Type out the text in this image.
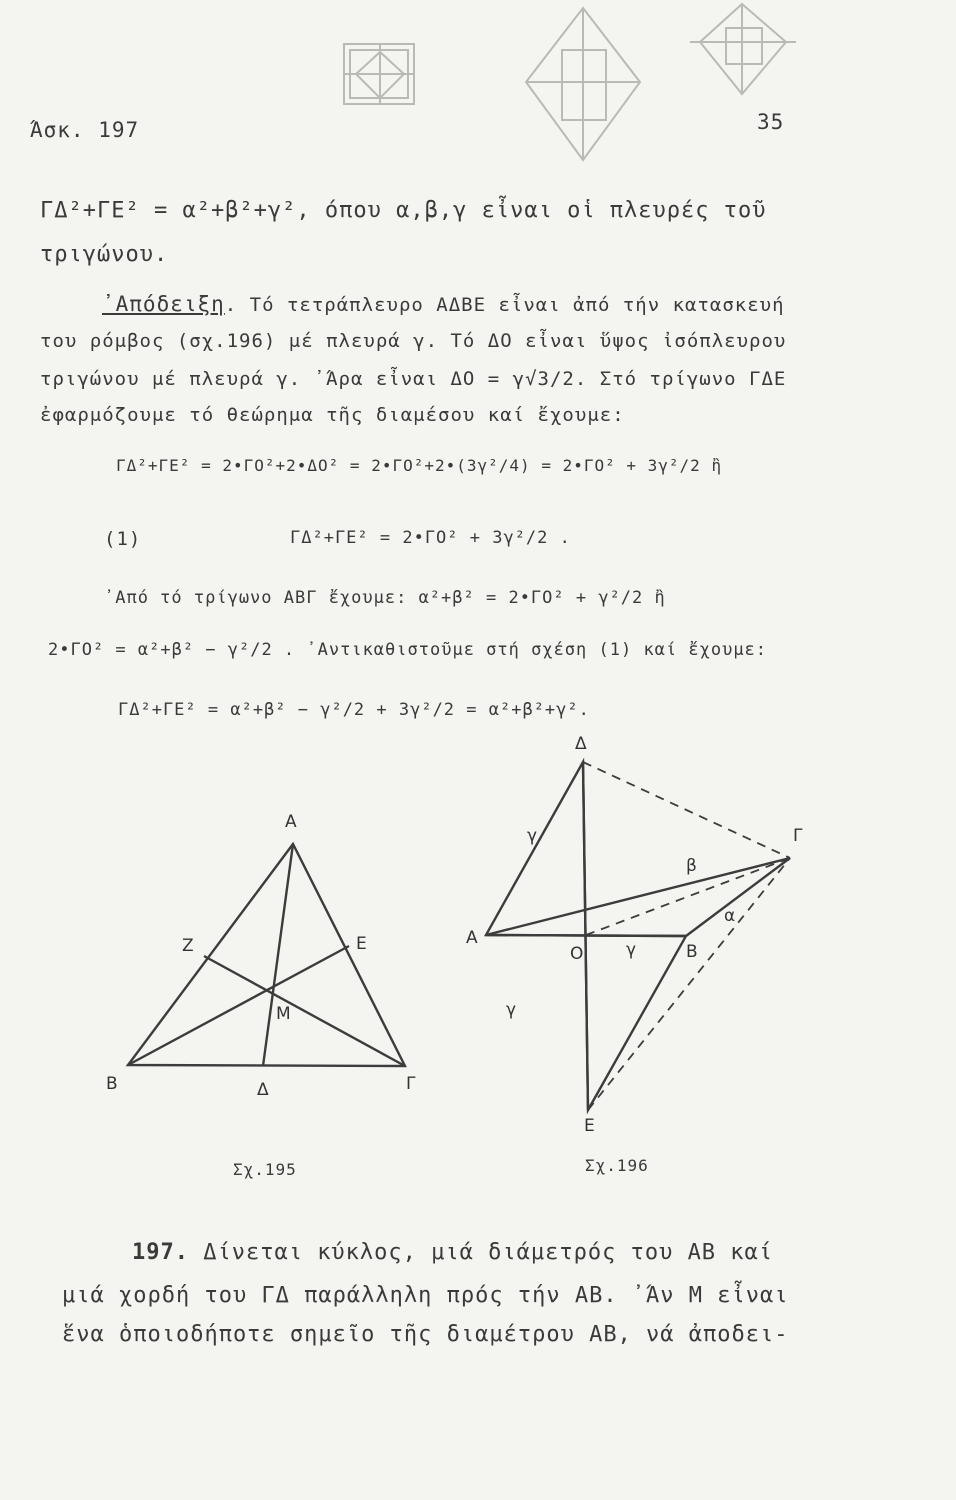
Άσκ. 197	35
ΓΔ²+ΓΕ² = α²+β²+γ², όπου α,β,γ εἶναι οἱ πλευρές τοῦ
τριγώνου.
᾿Απόδειξη. Τό τετράπλευρο ΑΔΒΕ εἶναι ἀπό τήν κατασκευή
του ρόμβος (σχ.196) μέ πλευρά γ. Τό ΔΟ εἶναι ὕψος ἰσόπλευρου
τριγώνου μέ πλευρά γ. ᾿Άρα εἶναι ΔΟ = γ√3/2. Στό τρίγωνο ΓΔΕ
ἐφαρμόζουμε τό θεώρημα τῆς διαμέσου καί ἔχουμε:
ΓΔ²+ΓΕ² = 2•ΓΟ²+2•ΔΟ² = 2•ΓΟ²+2•(3γ²/4) = 2•ΓΟ² + 3γ²/2 ἢ
(1)	ΓΔ²+ΓΕ² = 2•ΓΟ² + 3γ²/2 .
᾿Από τό τρίγωνο ΑΒΓ ἔχουμε: α²+β² = 2•ΓΟ² + γ²/2 ἢ
2•ΓΟ² = α²+β² − γ²/2 . ᾿Αντικαθιστοῦμε στή σχέση (1) καί ἔχουμε:
ΓΔ²+ΓΕ² = α²+β² − γ²/2 + 3γ²/2 = α²+β²+γ².
Α
Β	Γ
Δ
Ε
Z
Μ
Σχ.195
Δ
Γ
Α
Ο	Β
Ε
γ
γ
γ
β
α
Σχ.196
197. Δίνεται κύκλος, μιά διάμετρός του ΑΒ καί
μιά χορδή του ΓΔ παράλληλη πρός τήν ΑΒ. ᾿Άν Μ εἶναι
ἕνα ὁποιοδήποτε σημεῖο τῆς διαμέτρου ΑΒ, νά ἀποδει-
